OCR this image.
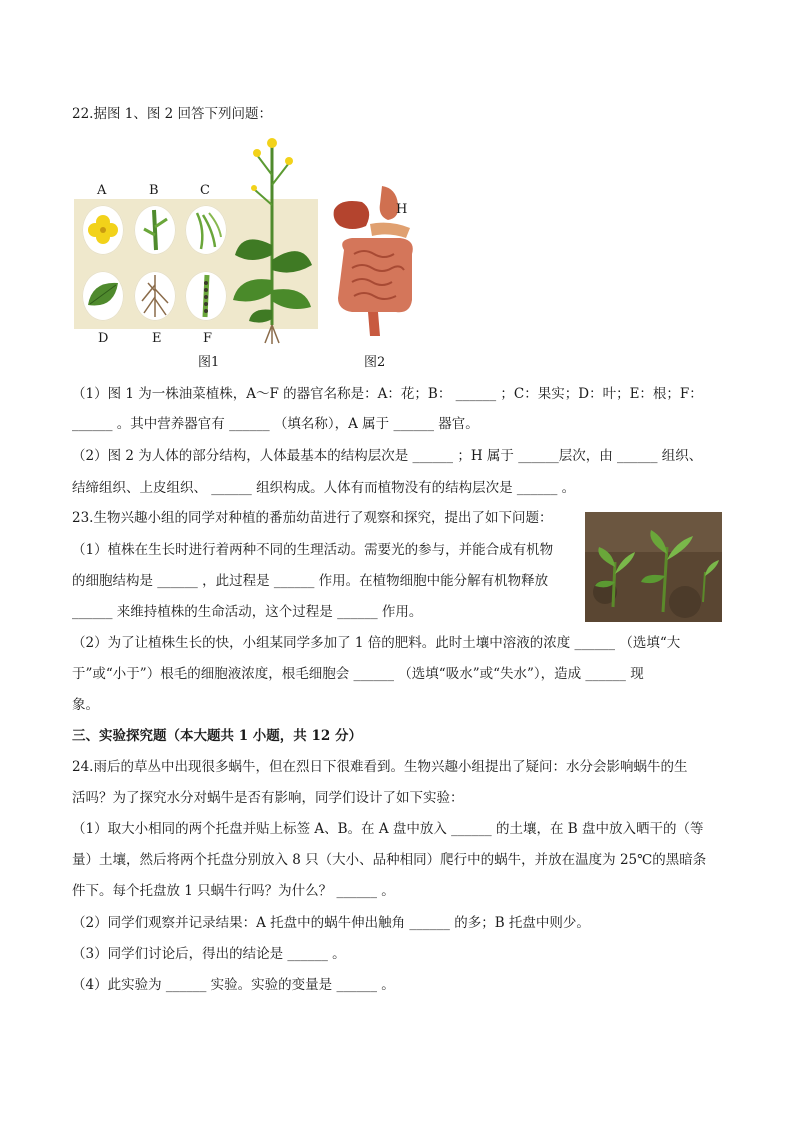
22.据图 1、图 2 回答下列问题：
A	B	C
D	E	F
图1
H
图2
（1）图 1 为一株油菜植株，A～F 的器官名称是：A：花；B： ______ ；C：果实；D：叶；E：根；F：
______ 。其中营养器官有 ______ （填名称），A 属于 ______ 器官。
（2）图 2 为人体的部分结构，人体最基本的结构层次是 ______ ；H 属于 ______层次，由 ______ 组织、
结缔组织、上皮组织、 ______ 组织构成。人体有而植物没有的结构层次是 ______ 。
23.生物兴趣小组的同学对种植的番茄幼苗进行了观察和探究，提出了如下问题：
（1）植株在生长时进行着两种不同的生理活动。需要光的参与，并能合成有机物
的细胞结构是 ______ ，此过程是 ______ 作用。在植物细胞中能分解有机物释放
______ 来维持植株的生命活动，这个过程是 ______ 作用。
（2）为了让植株生长的快，小组某同学多加了 1 倍的肥料。此时土壤中溶液的浓度 ______ （选填“大
于”或“小于”）根毛的细胞液浓度，根毛细胞会 ______ （选填“吸水”或“失水”），造成 ______ 现
象。
三、实验探究题（本大题共 1 小题，共 12 分）
24.雨后的草丛中出现很多蜗牛，但在烈日下很难看到。生物兴趣小组提出了疑问：水分会影响蜗牛的生
活吗？为了探究水分对蜗牛是否有影响，同学们设计了如下实验：
（1）取大小相同的两个托盘并贴上标签 A、B。在 A 盘中放入 ______ 的土壤，在 B 盘中放入晒干的（等
量）土壤，然后将两个托盘分别放入 8 只（大小、品种相同）爬行中的蜗牛，并放在温度为 25℃的黑暗条
件下。每个托盘放 1 只蜗牛行吗？为什么？ ______ 。
（2）同学们观察并记录结果：A 托盘中的蜗牛伸出触角 ______ 的多；B 托盘中则少。
（3）同学们讨论后，得出的结论是 ______ 。
（4）此实验为 ______ 实验。实验的变量是 ______ 。
